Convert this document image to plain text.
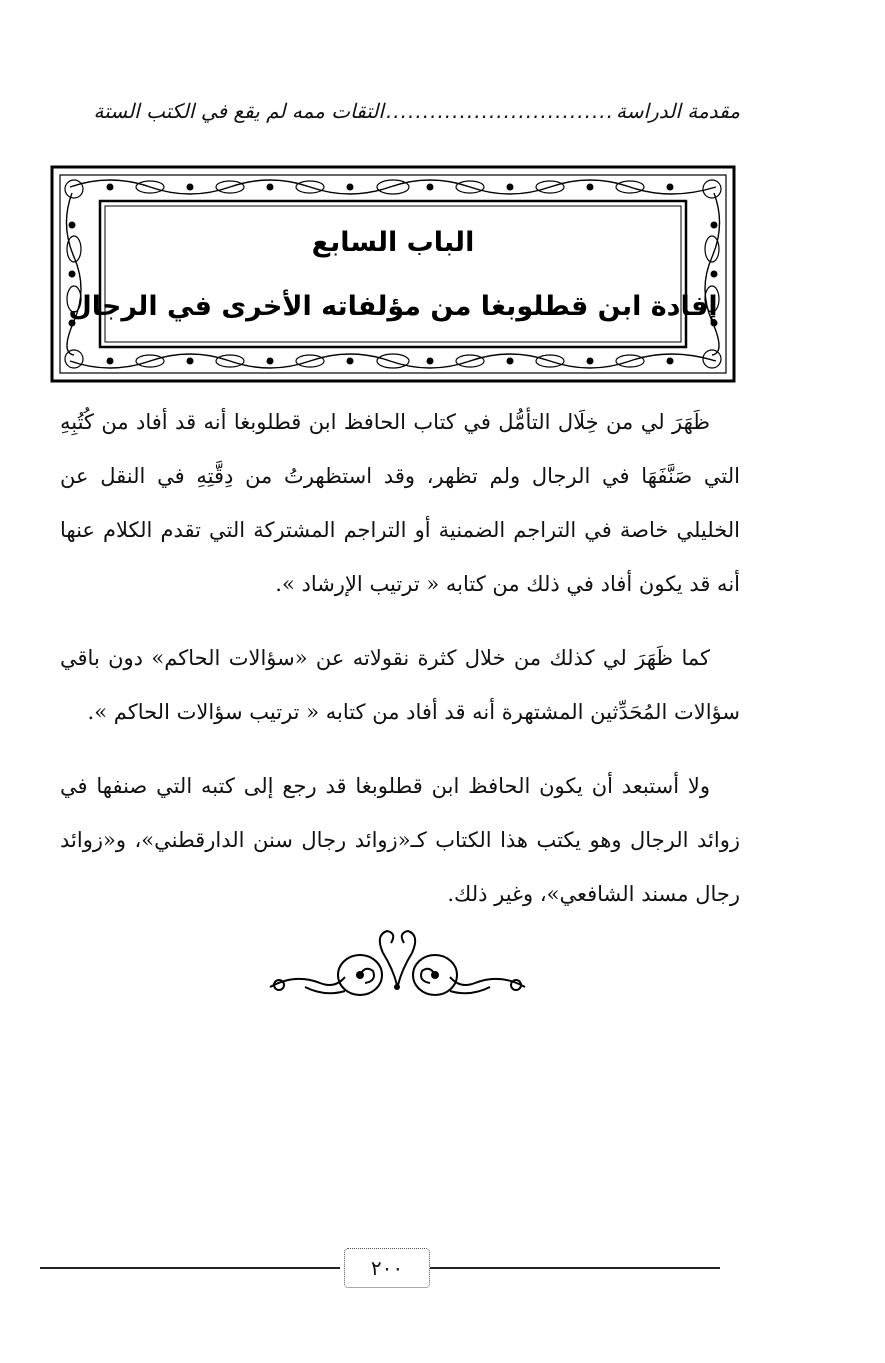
مقدمة الدراسة
...............................
التقات ممه لم يقع في الكتب الستة
الباب السابع
إفادة ابن قطلوبغا من مؤلفاته الأخرى في الرجال

ظَهَرَ لي من خِلَال التأمُّل في كتاب الحافظ ابن قطلوبغا أنه قد أفاد من كُتُبِهِ التي صَنَّفَهَا في الرجال ولم تظهر، وقد استظهرتُ من دِقَّتِهِ في النقل عن الخليلي خاصة في التراجم الضمنية أو التراجم المشتركة التي تقدم الكلام عنها أنه قد يكون أفاد في ذلك من كتابه « ترتيب الإرشاد ».

كما ظَهَرَ لي كذلك من خلال كثرة نقولاته عن «سؤالات الحاكم» دون باقي سؤالات المُحَدِّثين المشتهرة أنه قد أفاد من كتابه « ترتيب سؤالات الحاكم ».

ولا أستبعد أن يكون الحافظ ابن قطلوبغا قد رجع إلى كتبه التي صنفها في زوائد الرجال وهو يكتب هذا الكتاب كـ«زوائد رجال سنن الدارقطني»، و«زوائد رجال مسند الشافعي»، وغير ذلك.

٢٠٠
